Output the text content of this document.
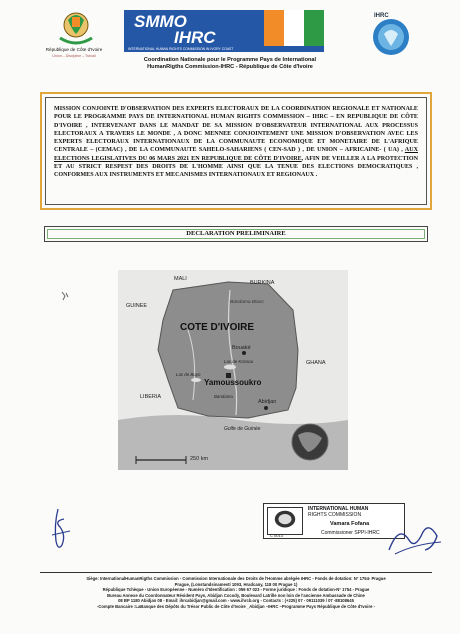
République de Côte d'Ivoire
Union – Discipline – Travail
SMMO
IHRC
INTERNATIONAL HUMAN RIGHTS COMMISSION IN IVORY COAST
Coordination Nationale pour le Programme Pays de International
HumanRigths Commission-IHRC - République de Côte d'Ivoire
IHRC
MISSION CONJOINTE D'OBSERVATION DES EXPERTS ELECTORAUX DE LA COORDINATION REGIONALE ET NATIONALE POUR LE PROGRAMME PAYS DE INTERNATIONAL HUMAN RIGHTS COMMISSION – IHRC – EN REPUBLIQUE DE CÔTE D'IVOIRE , INTERVENANT DANS LE MANDAT DE SA MISSION D'OBSERVATEUR INTERNATIONAL AUX PROCESSUS ELECTORAUX A TRAVERS LE MONDE , A DONC MENNEE CONJOINTEMENT UNE MISSION D'OBSERVATION AVEC LES EXPERTS ELECTORAUX INTERNATIONAUX DE LA COMMUNAUTE ECONOMIQUE ET MONETAIRE DE L'AFRIQUE CENTRALE – (CEMAC) , DE LA COMMUNAUTE SAHELO-SAHARIENS ( CEN-SAD ) , DE UNION – AFRICAINE- ( UA) , AUX ELECTIONS LEGISLATIVES DU 06 MARS 2021 EN REPUBLIQUE DE CÔTE D'IVOIRE, AFIN DE VEILLER A LA PROTECTION ET AU STRICT RESPEST DES DROITS DE L'HOMME AINSI QUE LA TENUE DES ELECTIONS DEMOCRATIQUES , CONFORMES AUX INSTRUMENTS ET MECANISMES INTERNATIONAUX ET REGIONAUX .
DECLARATION PRELIMINAIRE
MALI
BURKINA
GUINEE
GHANA
LIBERIA
Bandama Blanc
COTE D'IVOIRE
Bouaké
Lac de Kossou
Lac de Buyo
Yamoussoukro
Bandama
Abidjan
Golfe de Guinée
250 km
C 0013
INTERNATIONAL HUMAN
RIGHTS COMMISSION
Vamara Fofana
Commissioner SPPI-IHRC
Siège: InternationalHumanRigths Commission - Commission Internationale des Droits de l'Homme abrégée IHRC - Fonds de dotation: N° 1754- Prague
Prague, (Lonstandsinamestí 1093, Hradcany, 118 00 Prague 1)
République Tchèque - Union Européenne - Numéro d'Identification : 059 67 023 - Forme juridique : Fonds de dotation-N° 1754 - Prague
Bureau Annexe du Coordonnateur Résident Pays, Abidjan Cocody, Boulevard Latrille non loin de l'ancienne Ambassade de Chine
08 BP 1180 Abidjan 08 - Email: ihrcabidjan@gmail.com - www.ihrcb.org - Contacts : (+225) 07 - 09111039 / 07 -88108645
-Compte Bancaire :LaBanque des Dépôts du Trésor Public de Côte d'Ivoire _Abidjan –IHRC –Programme Pays République de Côte d'Ivoire -
